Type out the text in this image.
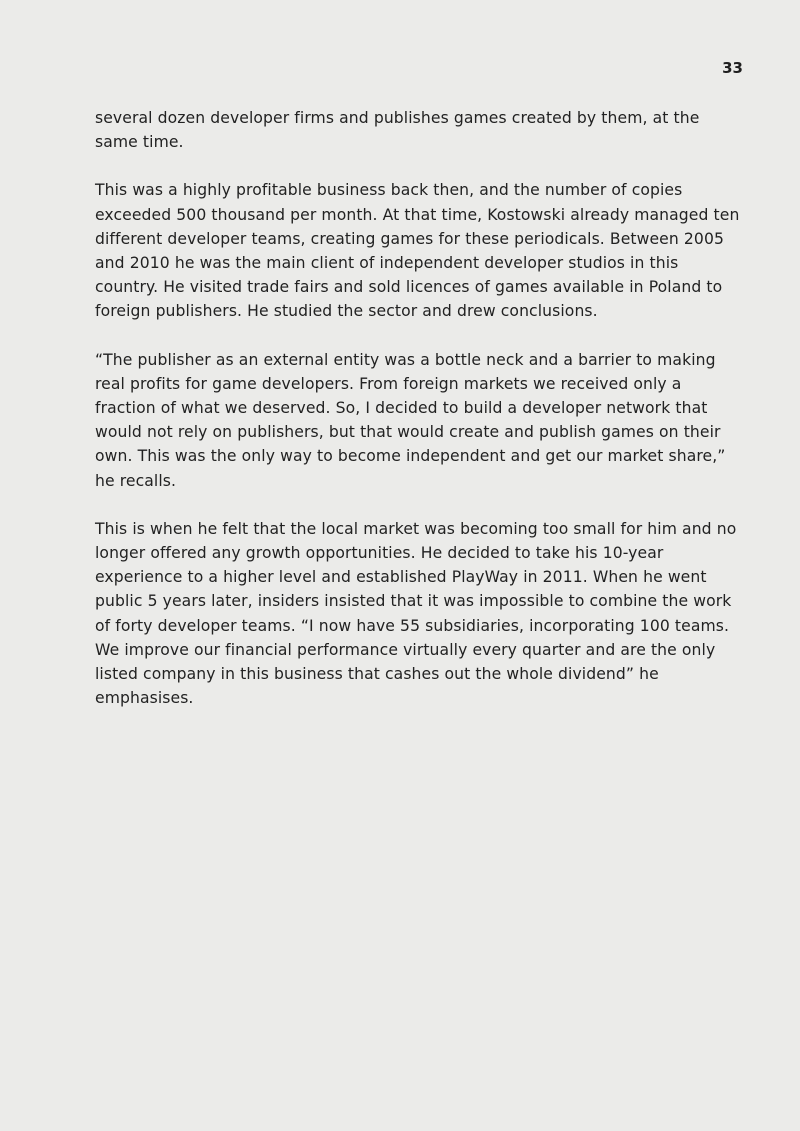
33

several dozen developer firms and publishes games created by them, at the same time.

This was a highly profitable business back then, and the number of copies exceeded 500 thousand per month. At that time, Kostowski already managed ten different developer teams, creating games for these periodicals. Between 2005 and 2010 he was the main client of independent developer studios in this country. He visited trade fairs and sold licences of games available in Poland to foreign publishers. He studied the sector and drew conclusions.

“The publisher as an external entity was a bottle neck and a barrier to making real profits for game developers. From foreign markets we received only a fraction of what we deserved. So, I decided to build a developer network that would not rely on publishers, but that would create and publish games on their own. This was the only way to become independent and get our market share,” he recalls.

This is when he felt that the local market was becoming too small for him and no longer offered any growth opportunities. He decided to take his 10-year experience to a higher level and established PlayWay in 2011. When he went public 5 years later, insiders insisted that it was impossible to combine the work of forty developer teams. “I now have 55 subsidiaries, incorporating 100 teams. We improve our financial performance virtually every quarter and are the only listed company in this business that cashes out the whole dividend” he emphasises.
